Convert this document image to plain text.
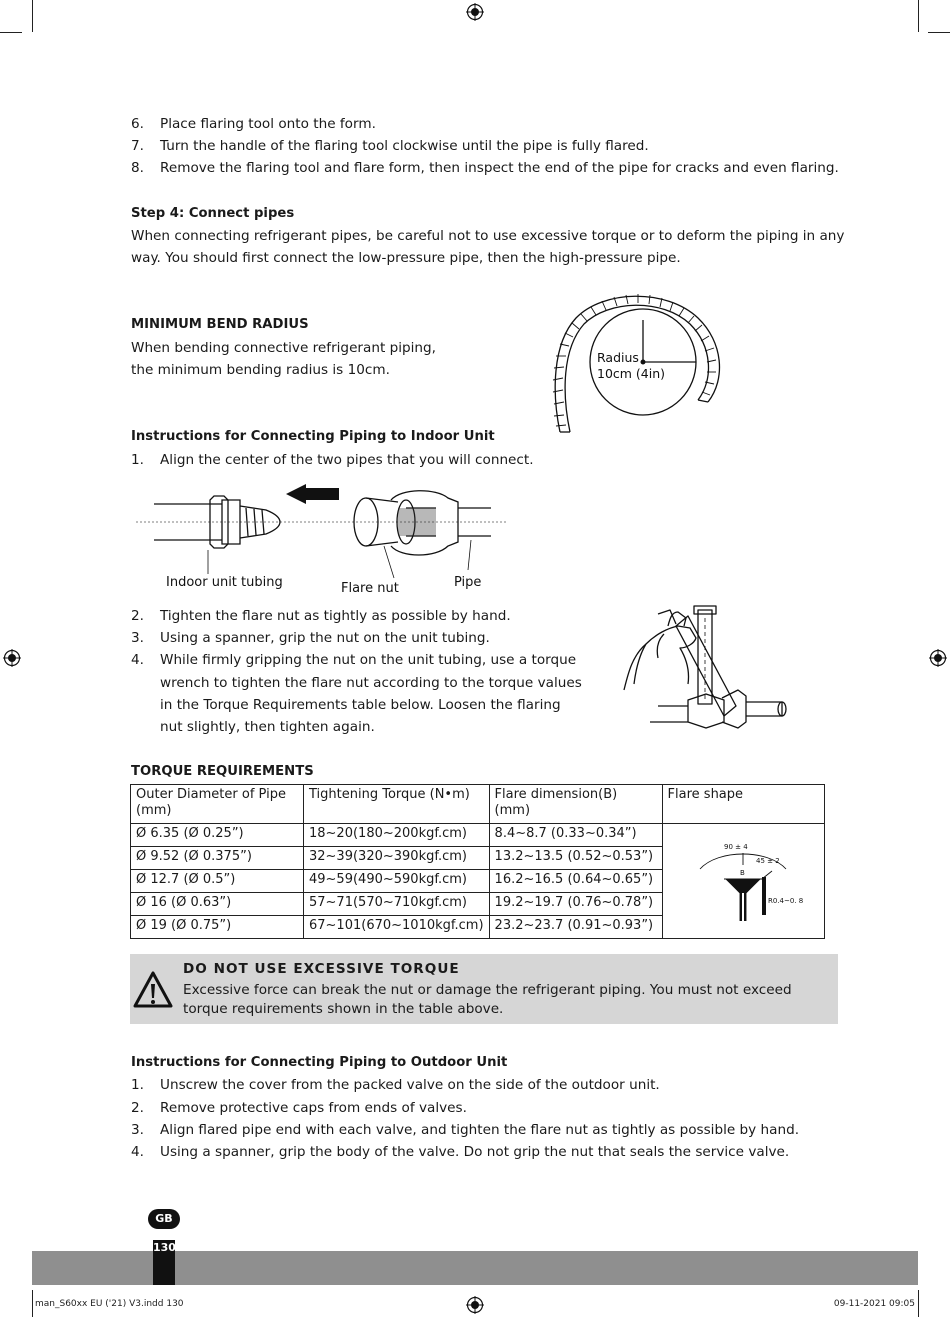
6. Place flaring tool onto the form.
7. Turn the handle of the flaring tool clockwise until the pipe is fully flared.
8. Remove the flaring tool and flare form, then inspect the end of the pipe for cracks and even flaring.
Step 4: Connect pipes
When connecting refrigerant pipes, be careful not to use excessive torque or to deform the piping in any
way. You should first connect the low-pressure pipe, then the high-pressure pipe.
MINIMUM BEND RADIUS
When bending connective refrigerant piping,
the minimum bending radius is 10cm.
Radius
10cm (4in)
Instructions for Connecting Piping to Indoor Unit
1. Align the center of the two pipes that you will connect.
Indoor unit tubing	Flare nut	Pipe
2. Tighten the flare nut as tightly as possible by hand.
3. Using a spanner, grip the nut on the unit tubing.
4. While firmly gripping the nut on the unit tubing, use a torque
wrench to tighten the flare nut according to the torque values
in the Torque Requirements table below. Loosen the flaring
nut slightly, then tighten again.
TORQUE REQUIREMENTS
Outer Diameter of Pipe (mm)	Tightening Torque (N•m)	Flare dimension(B) (mm)	Flare shape
Ø 6.35 (Ø 0.25”)	18~20(180~200kgf.cm)	8.4~8.7 (0.33~0.34”)	90 ± 4
45 ± 2
B
R0.4~0. 8

Ø 9.52 (Ø 0.375”)	32~39(320~390kgf.cm)	13.2~13.5 (0.52~0.53”)	
Ø 12.7 (Ø 0.5”)	49~59(490~590kgf.cm)	16.2~16.5 (0.64~0.65”)	
Ø 16 (Ø 0.63”)	57~71(570~710kgf.cm)	19.2~19.7 (0.76~0.78”)	
Ø 19 (Ø 0.75”)	67~101(670~1010kgf.cm)	23.2~23.7 (0.91~0.93”)	
DO NOT USE EXCESSIVE TORQUE
Excessive force can break the nut or damage the refrigerant piping. You must not exceed torque requirements shown in the table above.
Instructions for Connecting Piping to Outdoor Unit
1. Unscrew the cover from the packed valve on the side of the outdoor unit.
2. Remove protective caps from ends of valves.
3. Align flared pipe end with each valve, and tighten the flare nut as tightly as possible by hand.
4. Using a spanner, grip the body of the valve. Do not grip the nut that seals the service valve.
GB
130
man_S60xx EU ('21) V3.indd 130	09-11-2021 09:05
